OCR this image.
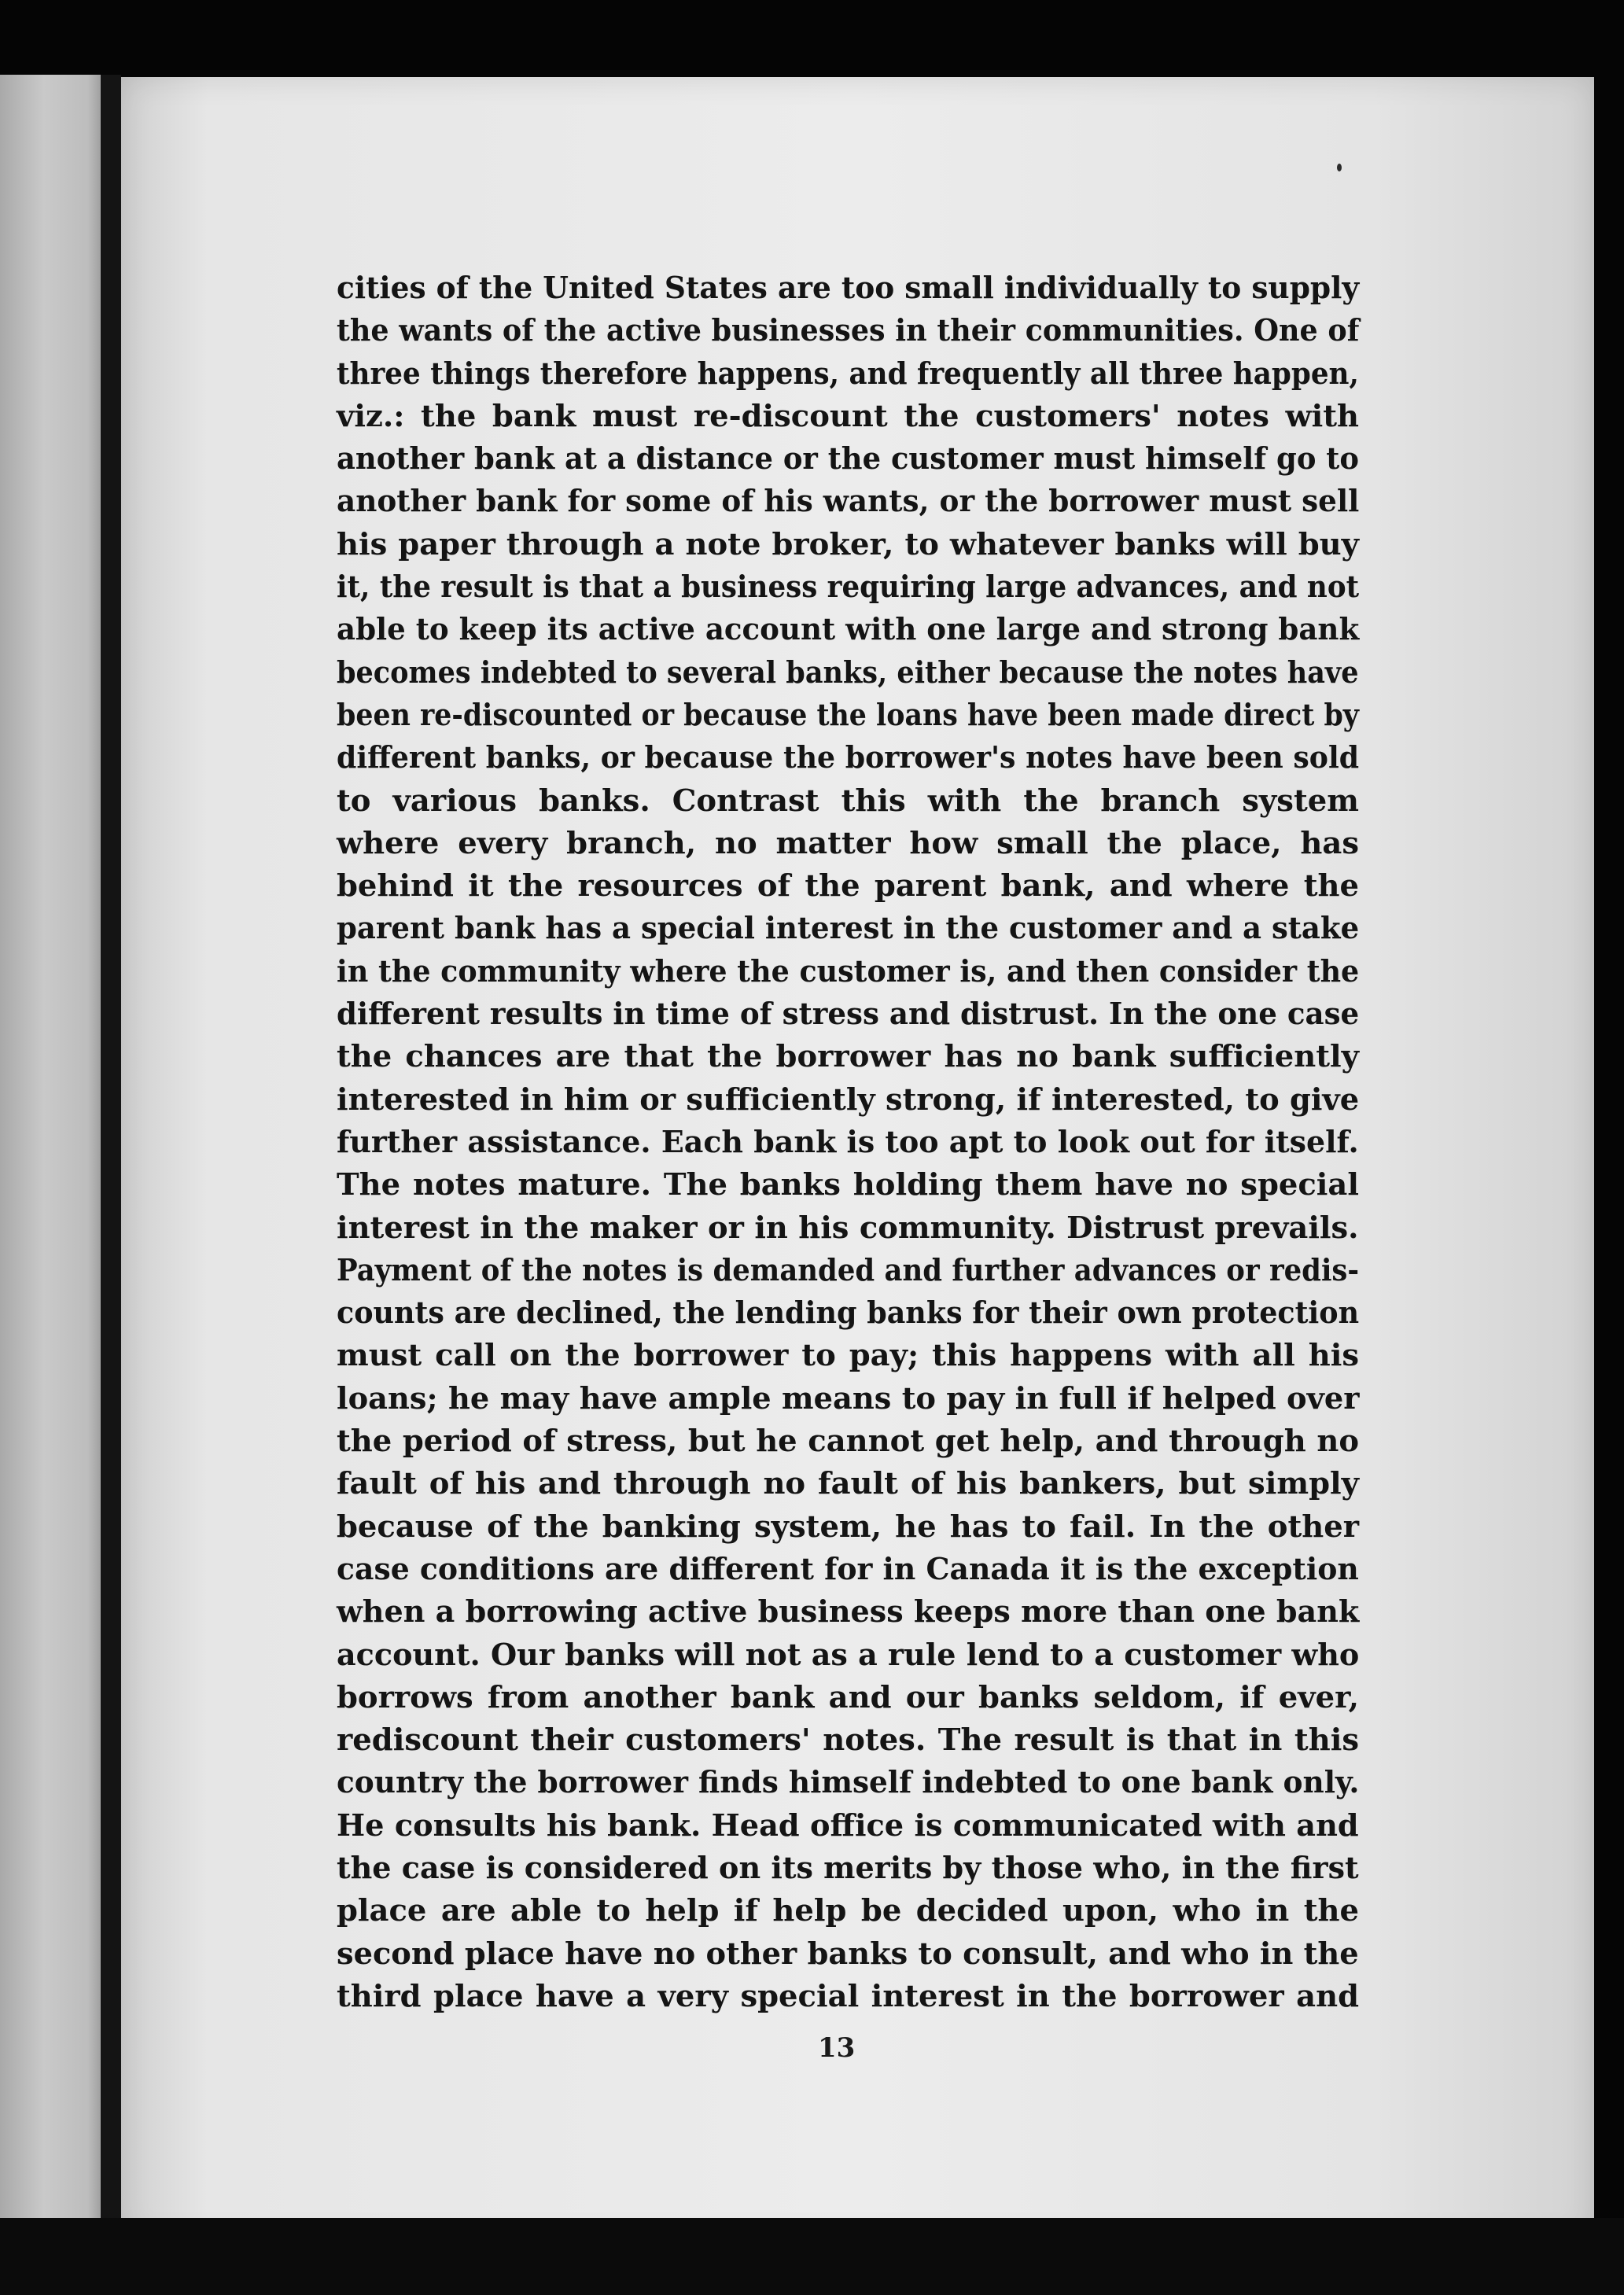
cities of the United States are too small individually to supply
the wants of the active businesses in their communities. One of
three things therefore happens, and frequently all three happen,
viz.: the bank must re-discount the customers' notes with
another bank at a distance or the customer must himself go to
another bank for some of his wants, or the borrower must sell
his paper through a note broker, to whatever banks will buy
it, the result is that a business requiring large advances, and not
able to keep its active account with one large and strong bank
becomes indebted to several banks, either because the notes have
been re-discounted or because the loans have been made direct by
different banks, or because the borrower's notes have been sold
to various banks. Contrast this with the branch system
where every branch, no matter how small the place, has
behind it the resources of the parent bank, and where the
parent bank has a special interest in the customer and a stake
in the community where the customer is, and then consider the
different results in time of stress and distrust. In the one case
the chances are that the borrower has no bank sufficiently
interested in him or sufficiently strong, if interested, to give
further assistance. Each bank is too apt to look out for itself.
The notes mature. The banks holding them have no special
interest in the maker or in his community. Distrust prevails.
Payment of the notes is demanded and further advances or redis-
counts are declined, the lending banks for their own protection
must call on the borrower to pay; this happens with all his
loans; he may have ample means to pay in full if helped over
the period of stress, but he cannot get help, and through no
fault of his and through no fault of his bankers, but simply
because of the banking system, he has to fail. In the other
case conditions are different for in Canada it is the exception
when a borrowing active business keeps more than one bank
account. Our banks will not as a rule lend to a customer who
borrows from another bank and our banks seldom, if ever,
rediscount their customers' notes. The result is that in this
country the borrower finds himself indebted to one bank only.
He consults his bank. Head office is communicated with and
the case is considered on its merits by those who, in the first
place are able to help if help be decided upon, who in the
second place have no other banks to consult, and who in the
third place have a very special interest in the borrower and
13
